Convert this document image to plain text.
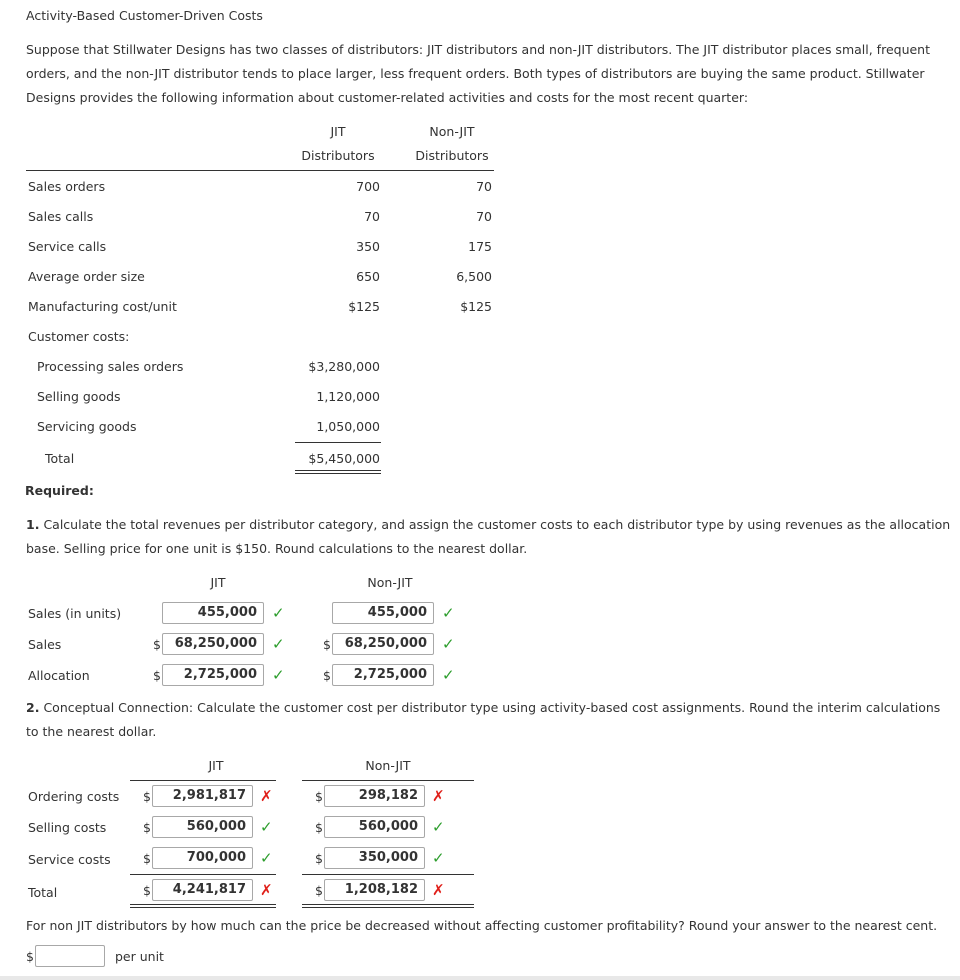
Activity-Based Customer-Driven Costs
Suppose that Stillwater Designs has two classes of distributors: JIT distributors and non-JIT distributors. The JIT distributor places small, frequent orders, and the non-JIT distributor tends to place larger, less frequent orders. Both types of distributors are buying the same product. Stillwater Designs provides the following information about customer-related activities and costs for the most recent quarter:
JIT
Distributors
Non-JIT
Distributors
Sales orders	700	70
Sales calls	70	70
Service calls	350	175
Average order size	650	6,500
Manufacturing cost/unit	$125	$125
Customer costs:
Processing sales orders	$3,280,000
Selling goods	1,120,000
Servicing goods	1,050,000
Total	$5,450,000
Required:
1. Calculate the total revenues per distributor category, and assign the customer costs to each distributor type by using revenues as the allocation base. Selling price for one unit is $150. Round calculations to the nearest dollar.
JIT	Non-JIT
Sales (in units)	455,000	✓	455,000	✓
Sales	$	68,250,000	✓	$	68,250,000	✓
Allocation	$	2,725,000	✓	$	2,725,000	✓
2. Conceptual Connection: Calculate the customer cost per distributor type using activity-based cost assignments. Round the interim calculations to the nearest dollar.
JIT	Non-JIT
Ordering costs $	2,981,817 ✗	$	298,182 ✗
Selling costs	$	560,000 ✓	$	560,000 ✓
Service costs	$	700,000 ✓	$	350,000 ✓
Total	$	4,241,817 ✗	$	1,208,182 ✗
For non JIT distributors by how much can the price be decreased without affecting customer profitability? Round your answer to the nearest cent.
$	per unit
